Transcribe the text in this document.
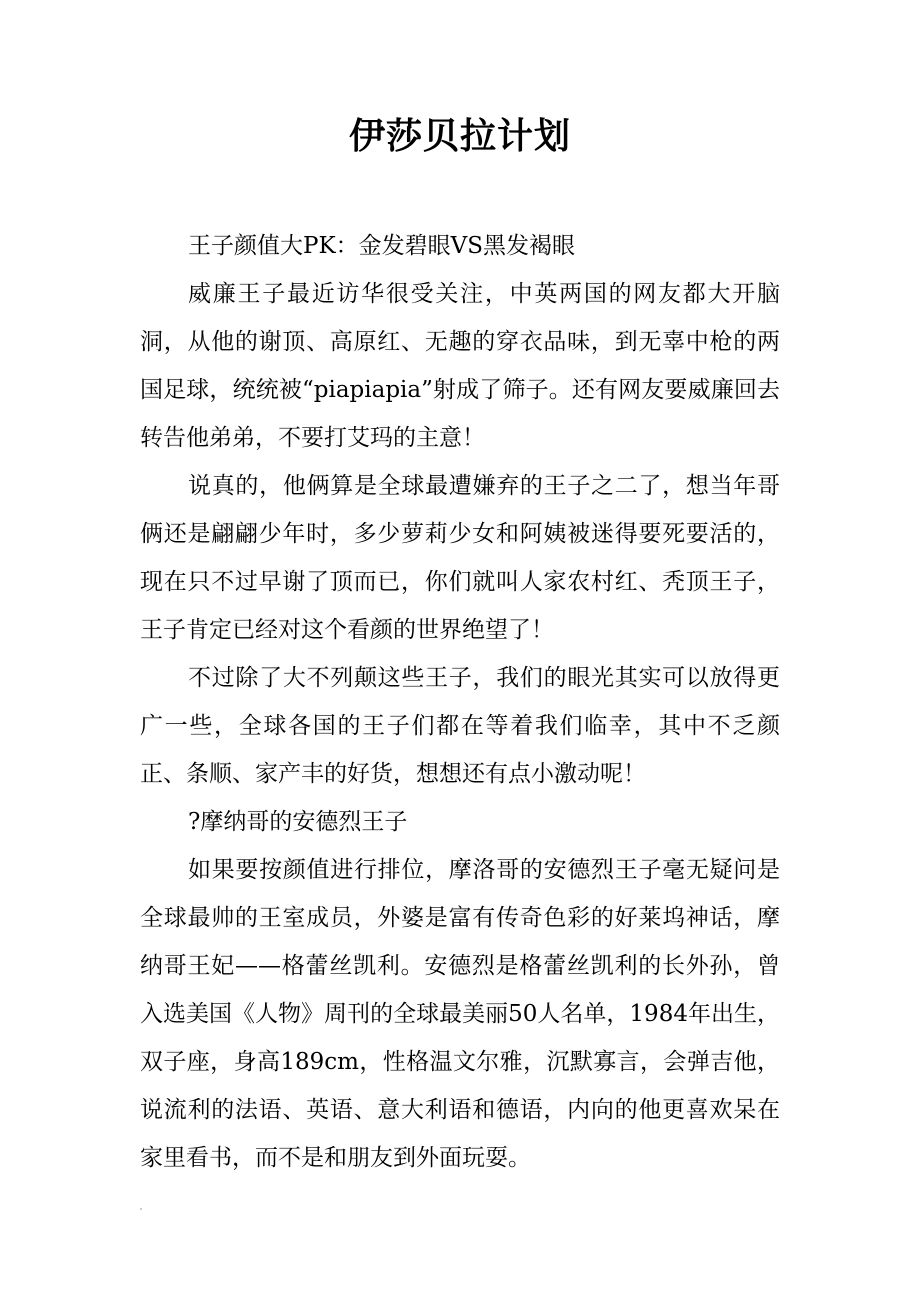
伊莎贝拉计划

王子颜值大PK：金发碧眼VS黑发褐眼

威廉王子最近访华很受关注，中英两国的网友都大开脑洞，从他的谢顶、高原红、无趣的穿衣品味，到无辜中枪的两国足球，统统被“piapiapia”射成了筛子。还有网友要威廉回去转告他弟弟，不要打艾玛的主意！

说真的，他俩算是全球最遭嫌弃的王子之二了，想当年哥俩还是翩翩少年时，多少萝莉少女和阿姨被迷得要死要活的，现在只不过早谢了顶而已，你们就叫人家农村红、秃顶王子，王子肯定已经对这个看颜的世界绝望了！

不过除了大不列颠这些王子，我们的眼光其实可以放得更广一些，全球各国的王子们都在等着我们临幸，其中不乏颜正、条顺、家产丰的好货，想想还有点小激动呢！

?摩纳哥的安德烈王子

如果要按颜值进行排位，摩洛哥的安德烈王子毫无疑问是全球最帅的王室成员，外婆是富有传奇色彩的好莱坞神话，摩纳哥王妃——格蕾丝凯利。安德烈是格蕾丝凯利的长外孙，曾入选美国《人物》周刊的全球最美丽50人名单，1984年出生，双子座，身高189cm，性格温文尔雅，沉默寡言，会弹吉他，说流利的法语、英语、意大利语和德语，内向的他更喜欢呆在家里看书，而不是和朋友到外面玩耍。
